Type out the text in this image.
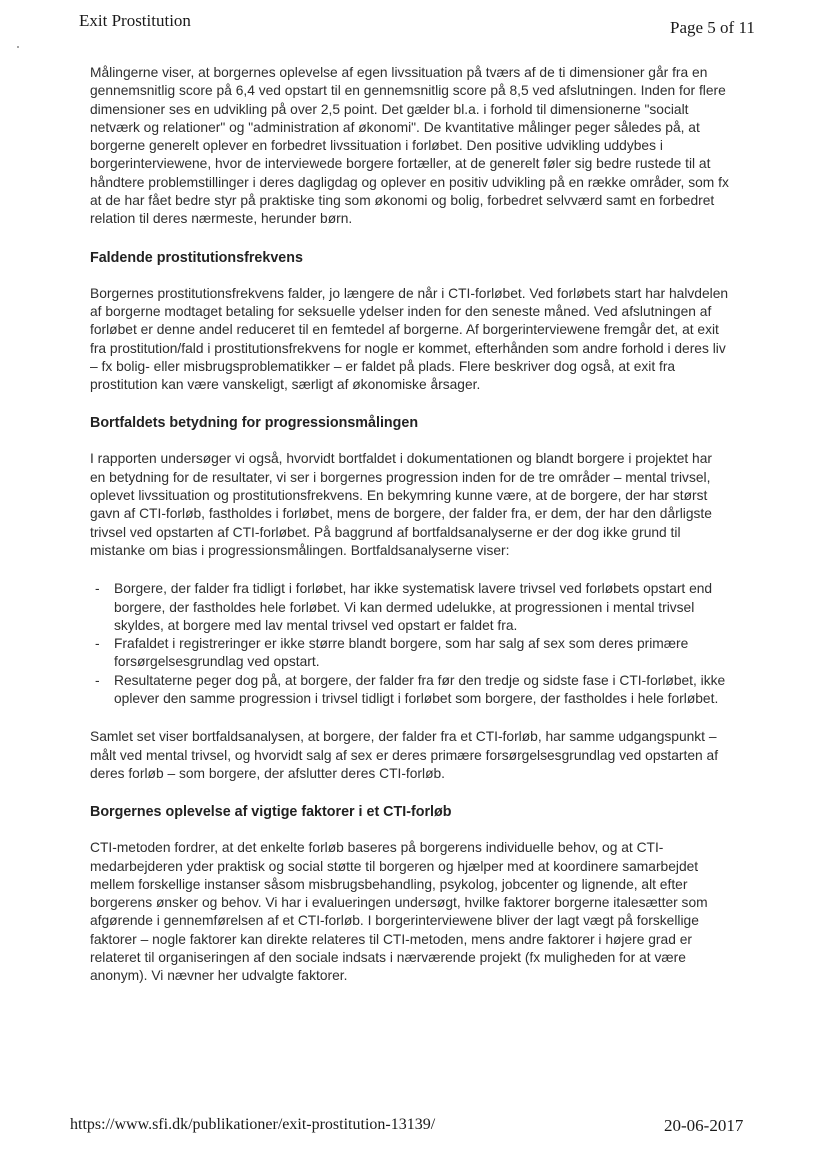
Exit Prostitution	Page 5 of 11

Målingerne viser, at borgernes oplevelse af egen livssituation på tværs af de ti dimensioner går fra en gennemsnitlig score på 6,4 ved opstart til en gennemsnitlig score på 8,5 ved afslutningen. Inden for flere dimensioner ses en udvikling på over 2,5 point. Det gælder bl.a. i forhold til dimensionerne "socialt netværk og relationer" og "administration af økonomi". De kvantitative målinger peger således på, at borgerne generelt oplever en forbedret livssituation i forløbet. Den positive udvikling uddybes i borgerinterviewene, hvor de interviewede borgere fortæller, at de generelt føler sig bedre rustede til at håndtere problemstillinger i deres dagligdag og oplever en positiv udvikling på en række områder, som fx at de har fået bedre styr på praktiske ting som økonomi og bolig, forbedret selvværd samt en forbedret relation til deres nærmeste, herunder børn.

Faldende prostitutionsfrekvens

Borgernes prostitutionsfrekvens falder, jo længere de når i CTI-forløbet. Ved forløbets start har halvdelen af borgerne modtaget betaling for seksuelle ydelser inden for den seneste måned. Ved afslutningen af forløbet er denne andel reduceret til en femtedel af borgerne. Af borgerinterviewene fremgår det, at exit fra prostitution/fald i prostitutionsfrekvens for nogle er kommet, efterhånden som andre forhold i deres liv – fx bolig- eller misbrugsproblematikker – er faldet på plads. Flere beskriver dog også, at exit fra prostitution kan være vanskeligt, særligt af økonomiske årsager.

Bortfaldets betydning for progressionsmålingen

I rapporten undersøger vi også, hvorvidt bortfaldet i dokumentationen og blandt borgere i projektet har en betydning for de resultater, vi ser i borgernes progression inden for de tre områder – mental trivsel, oplevet livssituation og prostitutionsfrekvens. En bekymring kunne være, at de borgere, der har størst gavn af CTI-forløb, fastholdes i forløbet, mens de borgere, der falder fra, er dem, der har den dårligste trivsel ved opstarten af CTI-forløbet. På baggrund af bortfaldsanalyserne er der dog ikke grund til mistanke om bias i progressionsmålingen. Bortfaldsanalyserne viser:

- Borgere, der falder fra tidligt i forløbet, har ikke systematisk lavere trivsel ved forløbets opstart end borgere, der fastholdes hele forløbet. Vi kan dermed udelukke, at progressionen i mental trivsel skyldes, at borgere med lav mental trivsel ved opstart er faldet fra.
- Frafaldet i registreringer er ikke større blandt borgere, som har salg af sex som deres primære forsørgelsesgrundlag ved opstart.
- Resultaterne peger dog på, at borgere, der falder fra før den tredje og sidste fase i CTI-forløbet, ikke oplever den samme progression i trivsel tidligt i forløbet som borgere, der fastholdes i hele forløbet.

Samlet set viser bortfaldsanalysen, at borgere, der falder fra et CTI-forløb, har samme udgangspunkt – målt ved mental trivsel, og hvorvidt salg af sex er deres primære forsørgelsesgrundlag ved opstarten af deres forløb – som borgere, der afslutter deres CTI-forløb.

Borgernes oplevelse af vigtige faktorer i et CTI-forløb

CTI-metoden fordrer, at det enkelte forløb baseres på borgerens individuelle behov, og at CTI-medarbejderen yder praktisk og social støtte til borgeren og hjælper med at koordinere samarbejdet mellem forskellige instanser såsom misbrugsbehandling, psykolog, jobcenter og lignende, alt efter borgerens ønsker og behov. Vi har i evalueringen undersøgt, hvilke faktorer borgerne italesætter som afgørende i gennemførelsen af et CTI-forløb. I borgerinterviewene bliver der lagt vægt på forskellige faktorer – nogle faktorer kan direkte relateres til CTI-metoden, mens andre faktorer i højere grad er relateret til organiseringen af den sociale indsats i nærværende projekt (fx muligheden for at være anonym). Vi nævner her udvalgte faktorer.

https://www.sfi.dk/publikationer/exit-prostitution-13139/	20-06-2017
